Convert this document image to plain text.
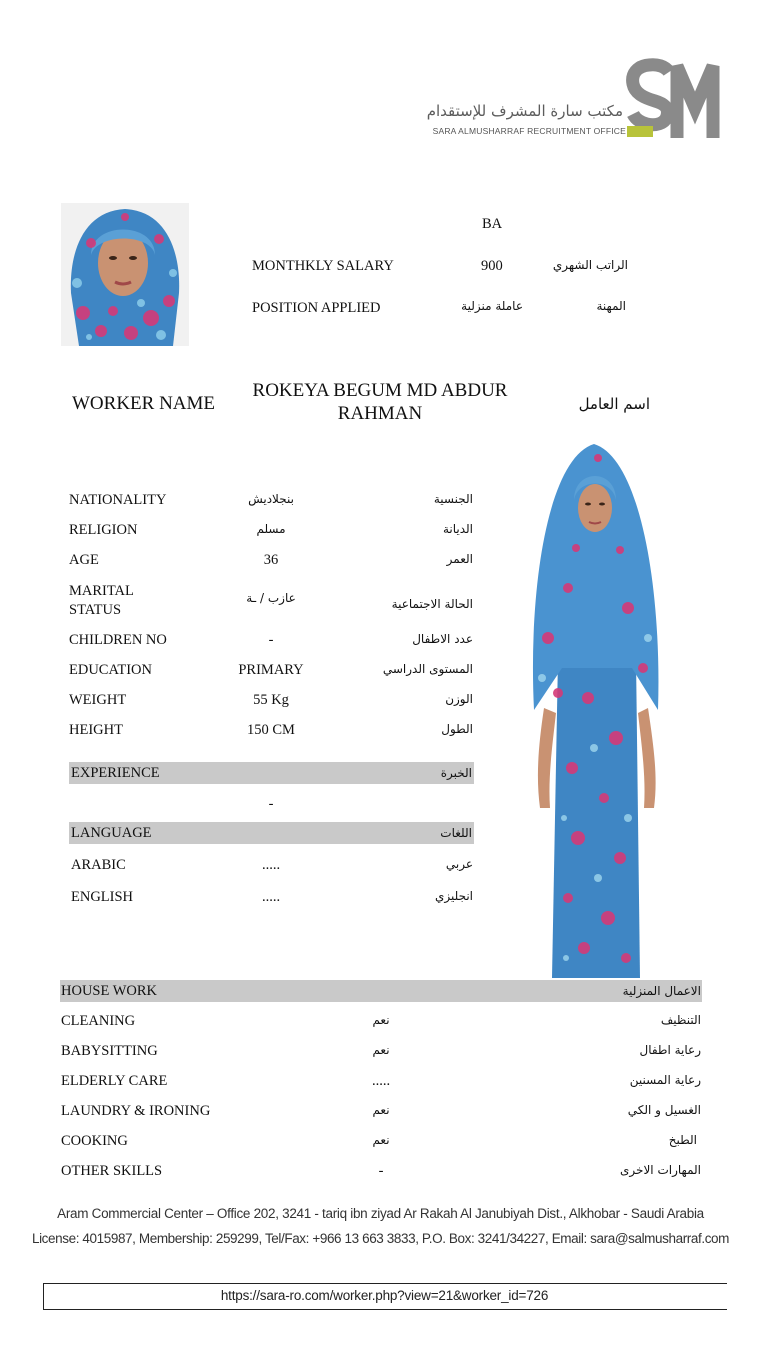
مكتب سارة المشرف للإستقدام
SARA ALMUSHARRAF RECRUITMENT OFFICE
BA
MONTHKLY SALARY	900	الراتب الشهري
POSITION APPLIED	عاملة منزلية	المهنة
WORKER NAME
ROKEYA BEGUM MD ABDUR
RAHMAN	اسم العامل
NATIONALITY	بنجلاديش	الجنسية
RELIGION	مسلم	الديانة
AGE	36	العمر
MARITAL
STATUS
عازب / ـة	الحالة الاجتماعية
CHILDREN NO	-	عدد الاطفال
EDUCATION	PRIMARY	المستوى الدراسي
WEIGHT	55 Kg	الوزن
HEIGHT	150 CM	الطول
EXPERIENCE	الخبرة
-
LANGUAGE	اللغات
ARABIC	.....	عربي
ENGLISH	.....	انجليزي
HOUSE WORK	الاعمال المنزلية
CLEANING	نعم	التنظيف
BABYSITTING	نعم	رعاية اطفال
ELDERLY CARE	.....	رعاية المسنين
LAUNDRY & IRONING	نعم	الغسيل و الكي
COOKING	نعم	الطبخ
OTHER SKILLS	-	المهارات الاخرى
Aram Commercial Center – Office 202, 3241 - tariq ibn ziyad Ar Rakah Al Janubiyah Dist., Alkhobar - Saudi Arabia
License: 4015987, Membership: 259299, Tel/Fax: +966 13 663 3833, P.O. Box: 3241/34227, Email: sara@salmusharraf.com
https://sara-ro.com/worker.php?view=21&worker_id=726
